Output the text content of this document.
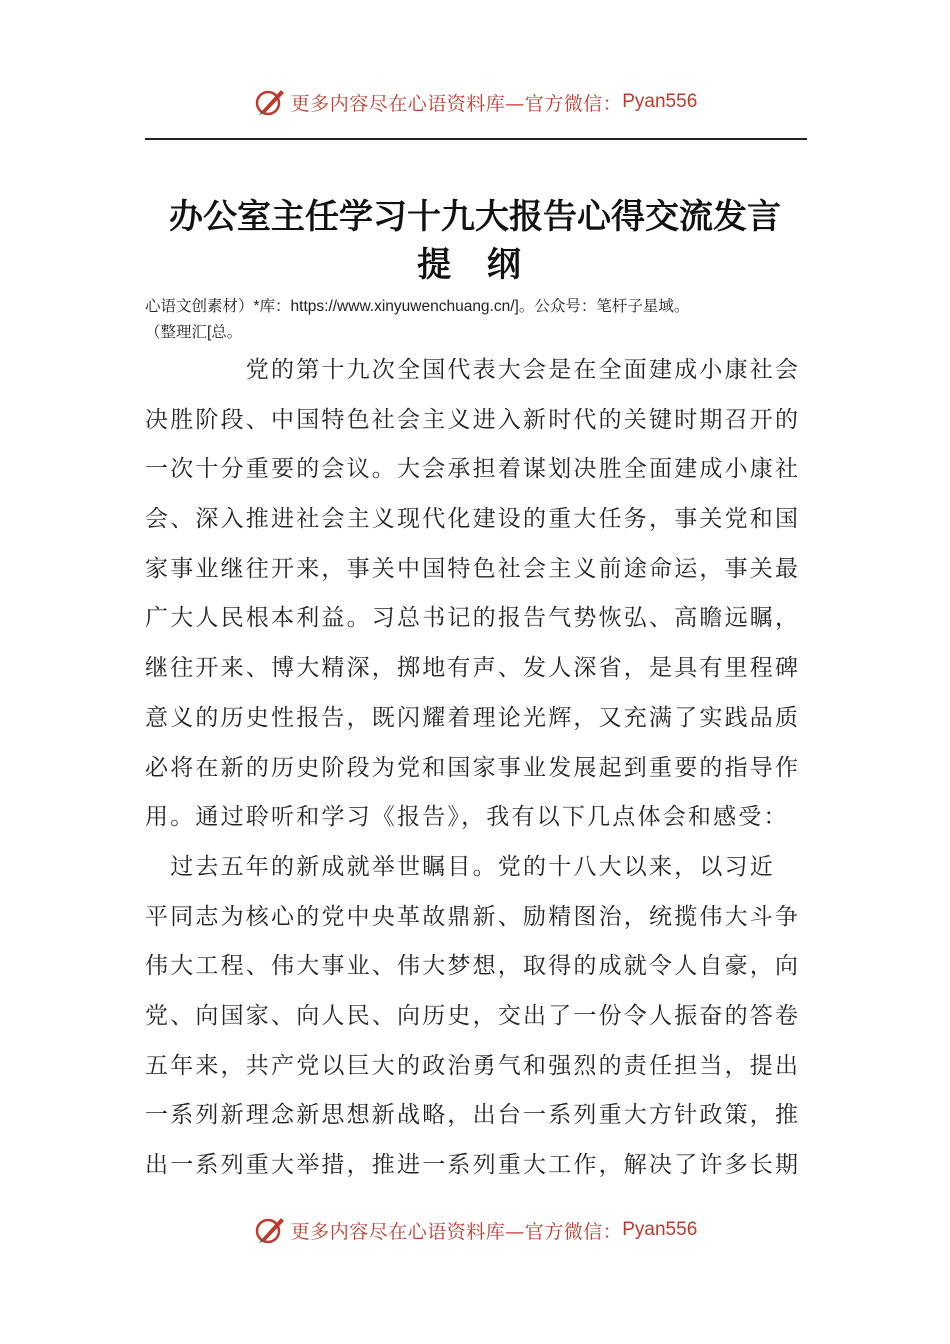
更多内容尽在心语资料库—官方微信： Pyan556
办公室主任学习十九大报告心得交流发言
提 纲
心语文创素材）*库：https://www.xinyuwenchuang.cn/]。公众号：笔杆子星域。
（整理汇[总。
　　　　党的第十九次全国代表大会是在全面建成小康社会
决胜阶段、中国特色社会主义进入新时代的关键时期召开的
一次十分重要的会议。大会承担着谋划决胜全面建成小康社
会、深入推进社会主义现代化建设的重大任务，事关党和国
家事业继往开来，事关中国特色社会主义前途命运，事关最
广大人民根本利益。习总书记的报告气势恢弘、高瞻远瞩，
继往开来、博大精深，掷地有声、发人深省，是具有里程碑
意义的历史性报告，既闪耀着理论光辉，又充满了实践品质
必将在新的历史阶段为党和国家事业发展起到重要的指导作
用。通过聆听和学习《报告》，我有以下几点体会和感受：
　过去五年的新成就举世瞩目。党的十八大以来，以习近
平同志为核心的党中央革故鼎新、励精图治，统揽伟大斗争
伟大工程、伟大事业、伟大梦想，取得的成就令人自豪，向
党、向国家、向人民、向历史，交出了一份令人振奋的答卷
五年来，共产党以巨大的政治勇气和强烈的责任担当，提出
一系列新理念新思想新战略，出台一系列重大方针政策，推
出一系列重大举措，推进一系列重大工作，解决了许多长期
更多内容尽在心语资料库—官方微信： Pyan556
